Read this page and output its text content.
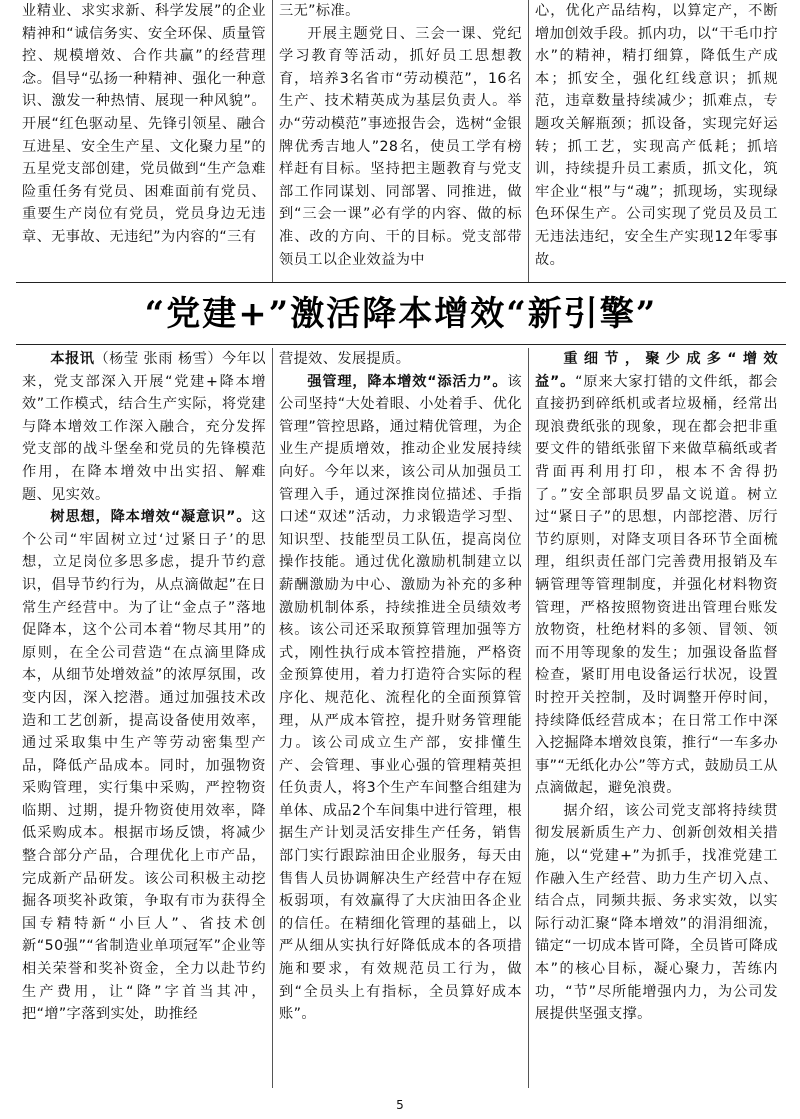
业精业、求实求新、科学发展”的企业精神和“诚信务实、安全环保、质量管控、规模增效、合作共赢”的经营理念。倡导“弘扬一种精神、强化一种意识、激发一种热情、展现一种风貌”。开展“红色驱动星、先锋引领星、融合互进星、安全生产星、文化聚力星”的五星党支部创建，党员做到“生产急难险重任务有党员、困难面前有党员、重要生产岗位有党员，党员身边无违章、无事故、无违纪”为内容的“三有

三无”标准。

开展主题党日、三会一课、党纪学习教育等活动，抓好员工思想教育，培养3名省市“劳动模范”，16名生产、技术精英成为基层负责人。举办“劳动模范”事迹报告会，选树“金银牌优秀吉地人”28名，使员工学有榜样赶有目标。坚持把主题教育与党支部工作同谋划、同部署、同推进，做到“三会一课”必有学的内容、做的标准、改的方向、干的目标。党支部带领员工以企业效益为中

心，优化产品结构，以算定产，不断增加创效手段。抓内功，以“干毛巾拧水”的精神，精打细算，降低生产成本；抓安全，强化红线意识；抓规范，违章数量持续减少；抓难点，专题攻关解瓶颈；抓设备，实现完好运转；抓工艺，实现高产低耗；抓培训，持续提升员工素质，抓文化，筑牢企业“根”与“魂”；抓现场，实现绿色环保生产。公司实现了党员及员工无违法违纪，安全生产实现12年零事故。

“党建+”激活降本增效“新引擎”

本报讯（杨莹 张雨 杨雪）今年以来，党支部深入开展“党建+降本增效”工作模式，结合生产实际，将党建与降本增效工作深入融合，充分发挥党支部的战斗堡垒和党员的先锋模范作用，在降本增效中出实招、解难题、见实效。

树思想，降本增效“凝意识”。这个公司“牢固树立过‘过紧日子’的思想，立足岗位多思多虑，提升节约意识，倡导节约行为，从点滴做起”在日常生产经营中。为了让“金点子”落地促降本，这个公司本着“物尽其用”的原则，在全公司营造“在点滴里降成本，从细节处增效益”的浓厚氛围，改变内因，深入挖潜。通过加强技术改造和工艺创新，提高设备使用效率，通过采取集中生产等劳动密集型产品，降低产品成本。同时，加强物资采购管理，实行集中采购，严控物资临期、过期，提升物资使用效率，降低采购成本。根据市场反馈，将减少整合部分产品，合理优化上市产品，完成新产品研发。该公司积极主动挖掘各项奖补政策，争取有市为获得全国专精特新“小巨人”、省技术创新“50强”“省制造业单项冠军”企业等相关荣誉和奖补资金，全力以赴节约生产费用，让“降”字首当其冲，把“增”字落到实处，助推经

营提效、发展提质。

强管理，降本增效“添活力”。该公司坚持“大处着眼、小处着手、优化管理”管控思路，通过精优管理，为企业生产提质增效，推动企业发展持续向好。今年以来，该公司从加强员工管理入手，通过深推岗位描述、手指口述“双述”活动，力求锻造学习型、知识型、技能型员工队伍，提高岗位操作技能。通过优化激励机制建立以薪酬激励为中心、激励为补充的多种激励机制体系，持续推进全员绩效考核。该公司还采取预算管理加强等方式，刚性执行成本管控措施，严格资金预算使用，着力打造符合实际的程序化、规范化、流程化的全面预算管理，从严成本管控，提升财务管理能力。该公司成立生产部，安排懂生产、会管理、事业心强的管理精英担任负责人，将3个生产车间整合组建为单体、成品2个车间集中进行管理，根据生产计划灵活安排生产任务，销售部门实行跟踪油田企业服务，每天由售售人员协调解决生产经营中存在短板弱项，有效赢得了大庆油田各企业的信任。在精细化管理的基础上，以严从细从实执行好降低成本的各项措施和要求，有效规范员工行为，做到“全员头上有指标，全员算好成本账”。

重细节，聚少成多“增效益”。“原来大家打错的文件纸，都会直接扔到碎纸机或者垃圾桶，经常出现浪费纸张的现象，现在都会把非重要文件的错纸张留下来做草稿纸或者背面再利用打印，根本不舍得扔了。”安全部职员罗晶文说道。树立过“紧日子”的思想，内部挖潜、厉行节约原则，对降支项目各环节全面梳理，组织责任部门完善费用报销及车辆管理等管理制度，并强化材料物资管理，严格按照物资进出管理台账发放物资，杜绝材料的多领、冒领、领而不用等现象的发生；加强设备监督检查，紧盯用电设备运行状况，设置时控开关控制，及时调整开停时间，持续降低经营成本；在日常工作中深入挖掘降本增效良策，推行“一车多办事”“无纸化办公”等方式，鼓励员工从点滴做起，避免浪费。

据介绍，该公司党支部将持续贯彻发展新质生产力、创新创效相关措施，以“党建+”为抓手，找准党建工作融入生产经营、助力生产切入点、结合点，同频共振、务求实效，以实际行动汇聚“降本增效”的涓涓细流，锚定“一切成本皆可降，全员皆可降成本”的核心目标，凝心聚力，苦练内功，“节”尽所能增强内力，为公司发展提供坚强支撑。

5
